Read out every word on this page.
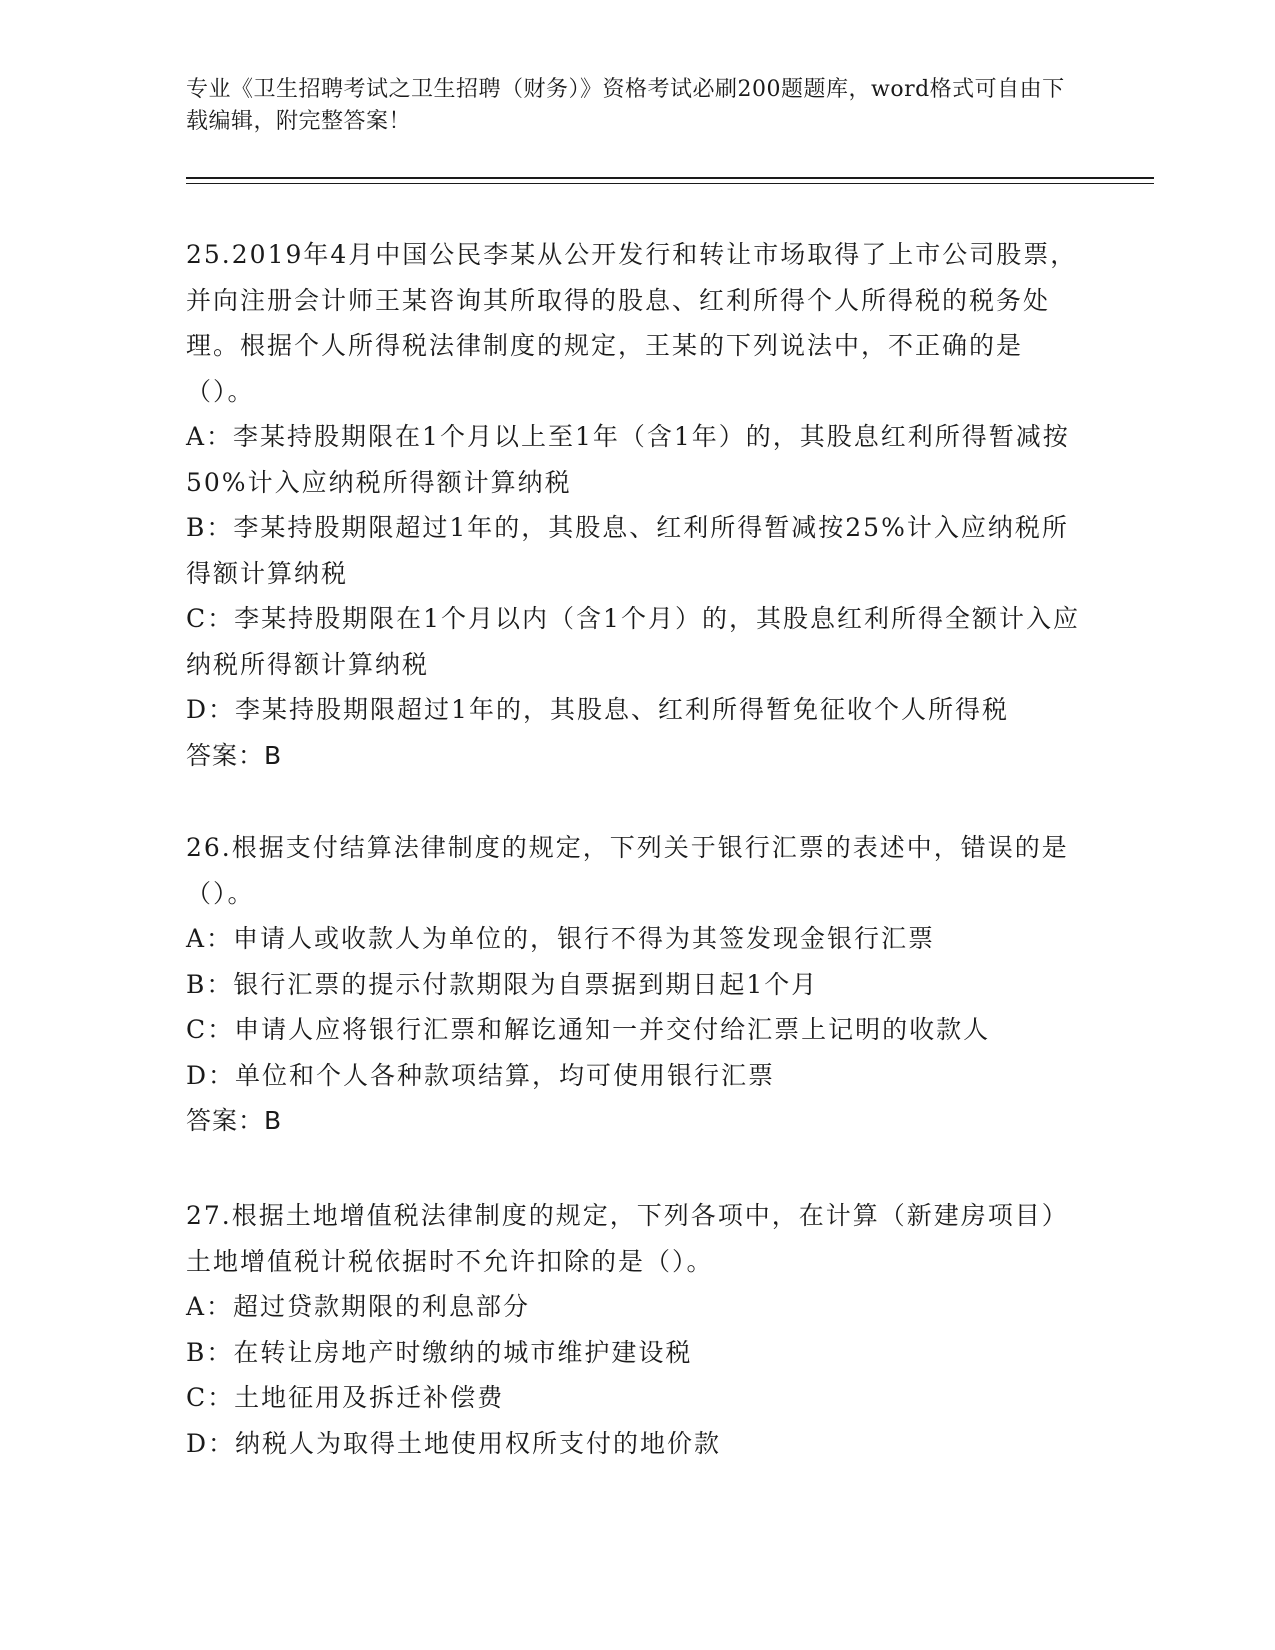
专业《卫生招聘考试之卫生招聘（财务）》资格考试必刷200题题库，word格式可自由下载编辑，附完整答案！

25.2019年4月中国公民李某从公开发行和转让市场取得了上市公司股票，并向注册会计师王某咨询其所取得的股息、红利所得个人所得税的税务处理。根据个人所得税法律制度的规定，王某的下列说法中，不正确的是（）。

A：李某持股期限在1个月以上至1年（含1年）的，其股息红利所得暂减按50%计入应纳税所得额计算纳税

B：李某持股期限超过1年的，其股息、红利所得暂减按25%计入应纳税所得额计算纳税

C：李某持股期限在1个月以内（含1个月）的，其股息红利所得全额计入应纳税所得额计算纳税

D：李某持股期限超过1年的，其股息、红利所得暂免征收个人所得税

答案：B

26.根据支付结算法律制度的规定，下列关于银行汇票的表述中，错误的是（）。

A：申请人或收款人为单位的，银行不得为其签发现金银行汇票

B：银行汇票的提示付款期限为自票据到期日起1个月

C：申请人应将银行汇票和解讫通知一并交付给汇票上记明的收款人

D：单位和个人各种款项结算，均可使用银行汇票

答案：B

27.根据土地增值税法律制度的规定，下列各项中，在计算（新建房项目）土地增值税计税依据时不允许扣除的是（）。

A：超过贷款期限的利息部分

B：在转让房地产时缴纳的城市维护建设税

C：土地征用及拆迁补偿费

D：纳税人为取得土地使用权所支付的地价款
